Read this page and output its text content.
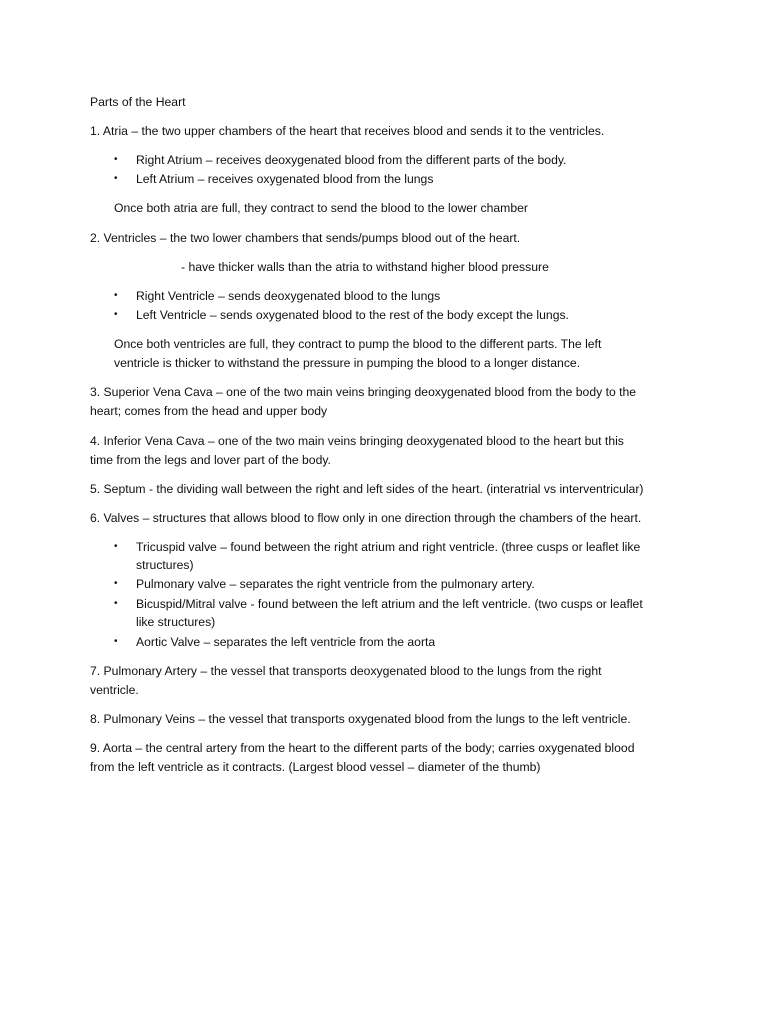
Parts of the Heart
1. Atria – the two upper chambers of the heart that receives blood and sends it to the ventricles.
• Right Atrium – receives deoxygenated blood from the different parts of the body.
• Left Atrium – receives oxygenated blood from the lungs
Once both atria are full, they contract to send the blood to the lower chamber
2. Ventricles – the two lower chambers that sends/pumps blood out of the heart.
- have thicker walls than the atria to withstand higher blood pressure
• Right Ventricle – sends deoxygenated blood to the lungs
• Left Ventricle – sends oxygenated blood to the rest of the body except the lungs.
Once both ventricles are full, they contract to pump the blood to the different parts. The left
ventricle is thicker to withstand the pressure in pumping the blood to a longer distance.
3. Superior Vena Cava – one of the two main veins bringing deoxygenated blood from the body to the
heart; comes from the head and upper body
4. Inferior Vena Cava – one of the two main veins bringing deoxygenated blood to the heart but this
time from the legs and lover part of the body.
5. Septum - the dividing wall between the right and left sides of the heart. (interatrial vs interventricular)
6. Valves – structures that allows blood to flow only in one direction through the chambers of the heart.
• Tricuspid valve – found between the right atrium and right ventricle. (three cusps or leaflet like
structures)
• Pulmonary valve – separates the right ventricle from the pulmonary artery.
• Bicuspid/Mitral valve - found between the left atrium and the left ventricle. (two cusps or leaflet
like structures)
• Aortic Valve – separates the left ventricle from the aorta
7. Pulmonary Artery – the vessel that transports deoxygenated blood to the lungs from the right
ventricle.
8. Pulmonary Veins – the vessel that transports oxygenated blood from the lungs to the left ventricle.
9. Aorta – the central artery from the heart to the different parts of the body; carries oxygenated blood
from the left ventricle as it contracts. (Largest blood vessel – diameter of the thumb)
